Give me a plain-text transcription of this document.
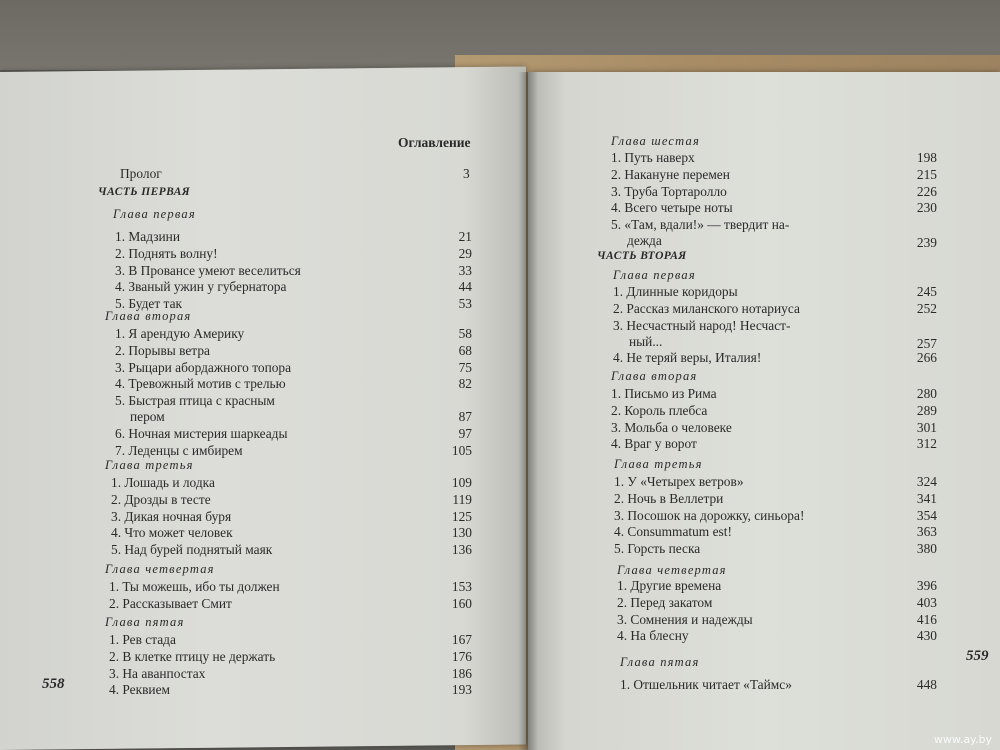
Оглавление
Пролог	3
ЧАСТЬ ПЕРВАЯ
Глава первая
1. Мадзини	21
2. Поднять волну!	29
3. В Провансе умеют веселиться	33
4. Званый ужин у губернатора	44
5. Будет так	53
Глава вторая
1. Я арендую Америку	58
2. Порывы ветра	68
3. Рыцари абордажного топора	75
4. Тревожный мотив с трелью	82
5. Быстрая птица с красным
пером	87
6. Ночная мистерия шаркеады	97
7. Леденцы с имбирем	105
Глава третья
1. Лошадь и лодка	109
2. Дрозды в тесте	119
3. Дикая ночная буря	125
4. Что может человек	130
5. Над бурей поднятый маяк	136
Глава четвертая
1. Ты можешь, ибо ты должен	153
2. Рассказывает Смит	160
Глава пятая
1. Рев стада	167
2. В клетке птицу не держать	176
3. На аванпостах	186
4. Реквием	193
558
Глава шестая
1. Путь наверх	198
2. Накануне перемен	215
3. Труба Тортаролло	226
4. Всего четыре ноты	230
5. «Там, вдали!» — твердит на-
дежда	239
ЧАСТЬ ВТОРАЯ
Глава первая
1. Длинные коридоры	245
2. Рассказ миланского нотариуса	252
3. Несчастный народ! Несчаст-
ный...	257
4. Не теряй веры, Италия!	266
Глава вторая
1. Письмо из Рима	280
2. Король плебса	289
3. Мольба о человеке	301
4. Враг у ворот	312
Глава третья
1. У «Четырех ветров»	324
2. Ночь в Веллетри	341
3. Посошок на дорожку, синьора!	354
4. Consummatum est!	363
5. Горсть песка	380
Глава четвертая
1. Другие времена	396
2. Перед закатом	403
3. Сомнения и надежды	416
4. На блесну	430
Глава пятая
1. Отшельник читает «Таймс»	448
559
www.ay.by
